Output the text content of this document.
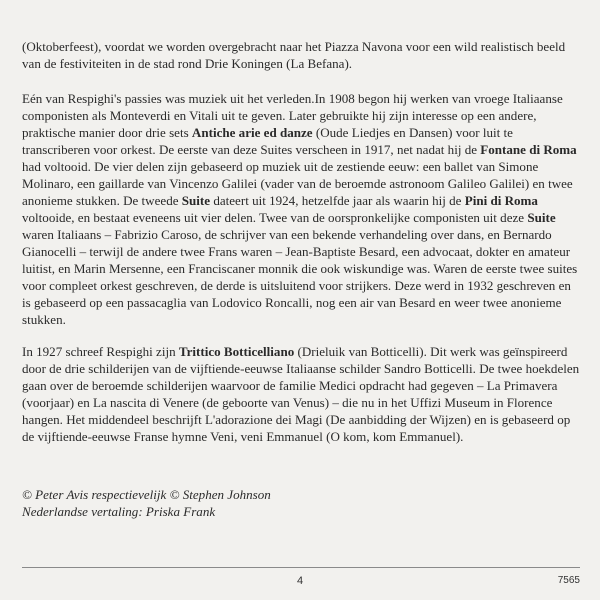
(Oktoberfeest), voordat we worden overgebracht naar het Piazza Navona voor een wild realistisch beeld van de festiviteiten in de stad rond Drie Koningen (La Befana).

Eén van Respighi's passies was muziek uit het verleden.In 1908 begon hij werken van vroege Italiaanse componisten als Monteverdi en Vitali uit te geven. Later gebruikte hij zijn interesse op een andere, praktische manier door drie sets Antiche arie ed danze (Oude Liedjes en Dansen) voor luit te transcriberen voor orkest. De eerste van deze Suites verscheen in 1917, net nadat hij de Fontane di Roma had voltooid. De vier delen zijn gebaseerd op muziek uit de zestiende eeuw: een ballet van Simone Molinaro, een gaillarde van Vincenzo Galilei (vader van de beroemde astronoom Galileo Galilei) en twee anonieme stukken. De tweede Suite dateert uit 1924, hetzelfde jaar als waarin hij de Pini di Roma voltooide, en bestaat eveneens uit vier delen. Twee van de oorspronkelijke componisten uit deze Suite waren Italiaans – Fabrizio Caroso, de schrijver van een bekende verhandeling over dans, en Bernardo Gianocelli – terwijl de andere twee Frans waren – Jean-Baptiste Besard, een advocaat, dokter en amateur luitist, en Marin Mersenne, een Franciscaner monnik die ook wiskundige was. Waren de eerste twee suites voor compleet orkest geschreven, de derde is uitsluitend voor strijkers. Deze werd in 1932 geschreven en is gebaseerd op een passacaglia van Lodovico Roncalli, nog een air van Besard en weer twee anonieme stukken.

In 1927 schreef Respighi zijn Trittico Botticelliano (Drieluik van Botticelli). Dit werk was geïnspireerd door de drie schilderijen van de vijftiende-eeuwse Italiaanse schilder Sandro Botticelli. De twee hoekdelen gaan over de beroemde schilderijen waarvoor de familie Medici opdracht had gegeven – La Primavera (voorjaar) en La nascita di Venere (de geboorte van Venus) – die nu in het Uffizi Museum in Florence hangen. Het middendeel beschrijft L'adorazione dei Magi (De aanbidding der Wijzen) en is gebaseerd op de vijftiende-eeuwse Franse hymne Veni, veni Emmanuel (O kom, kom Emmanuel).

© Peter Avis respectievelijk © Stephen Johnson
Nederlandse vertaling: Priska Frank
4	7565
